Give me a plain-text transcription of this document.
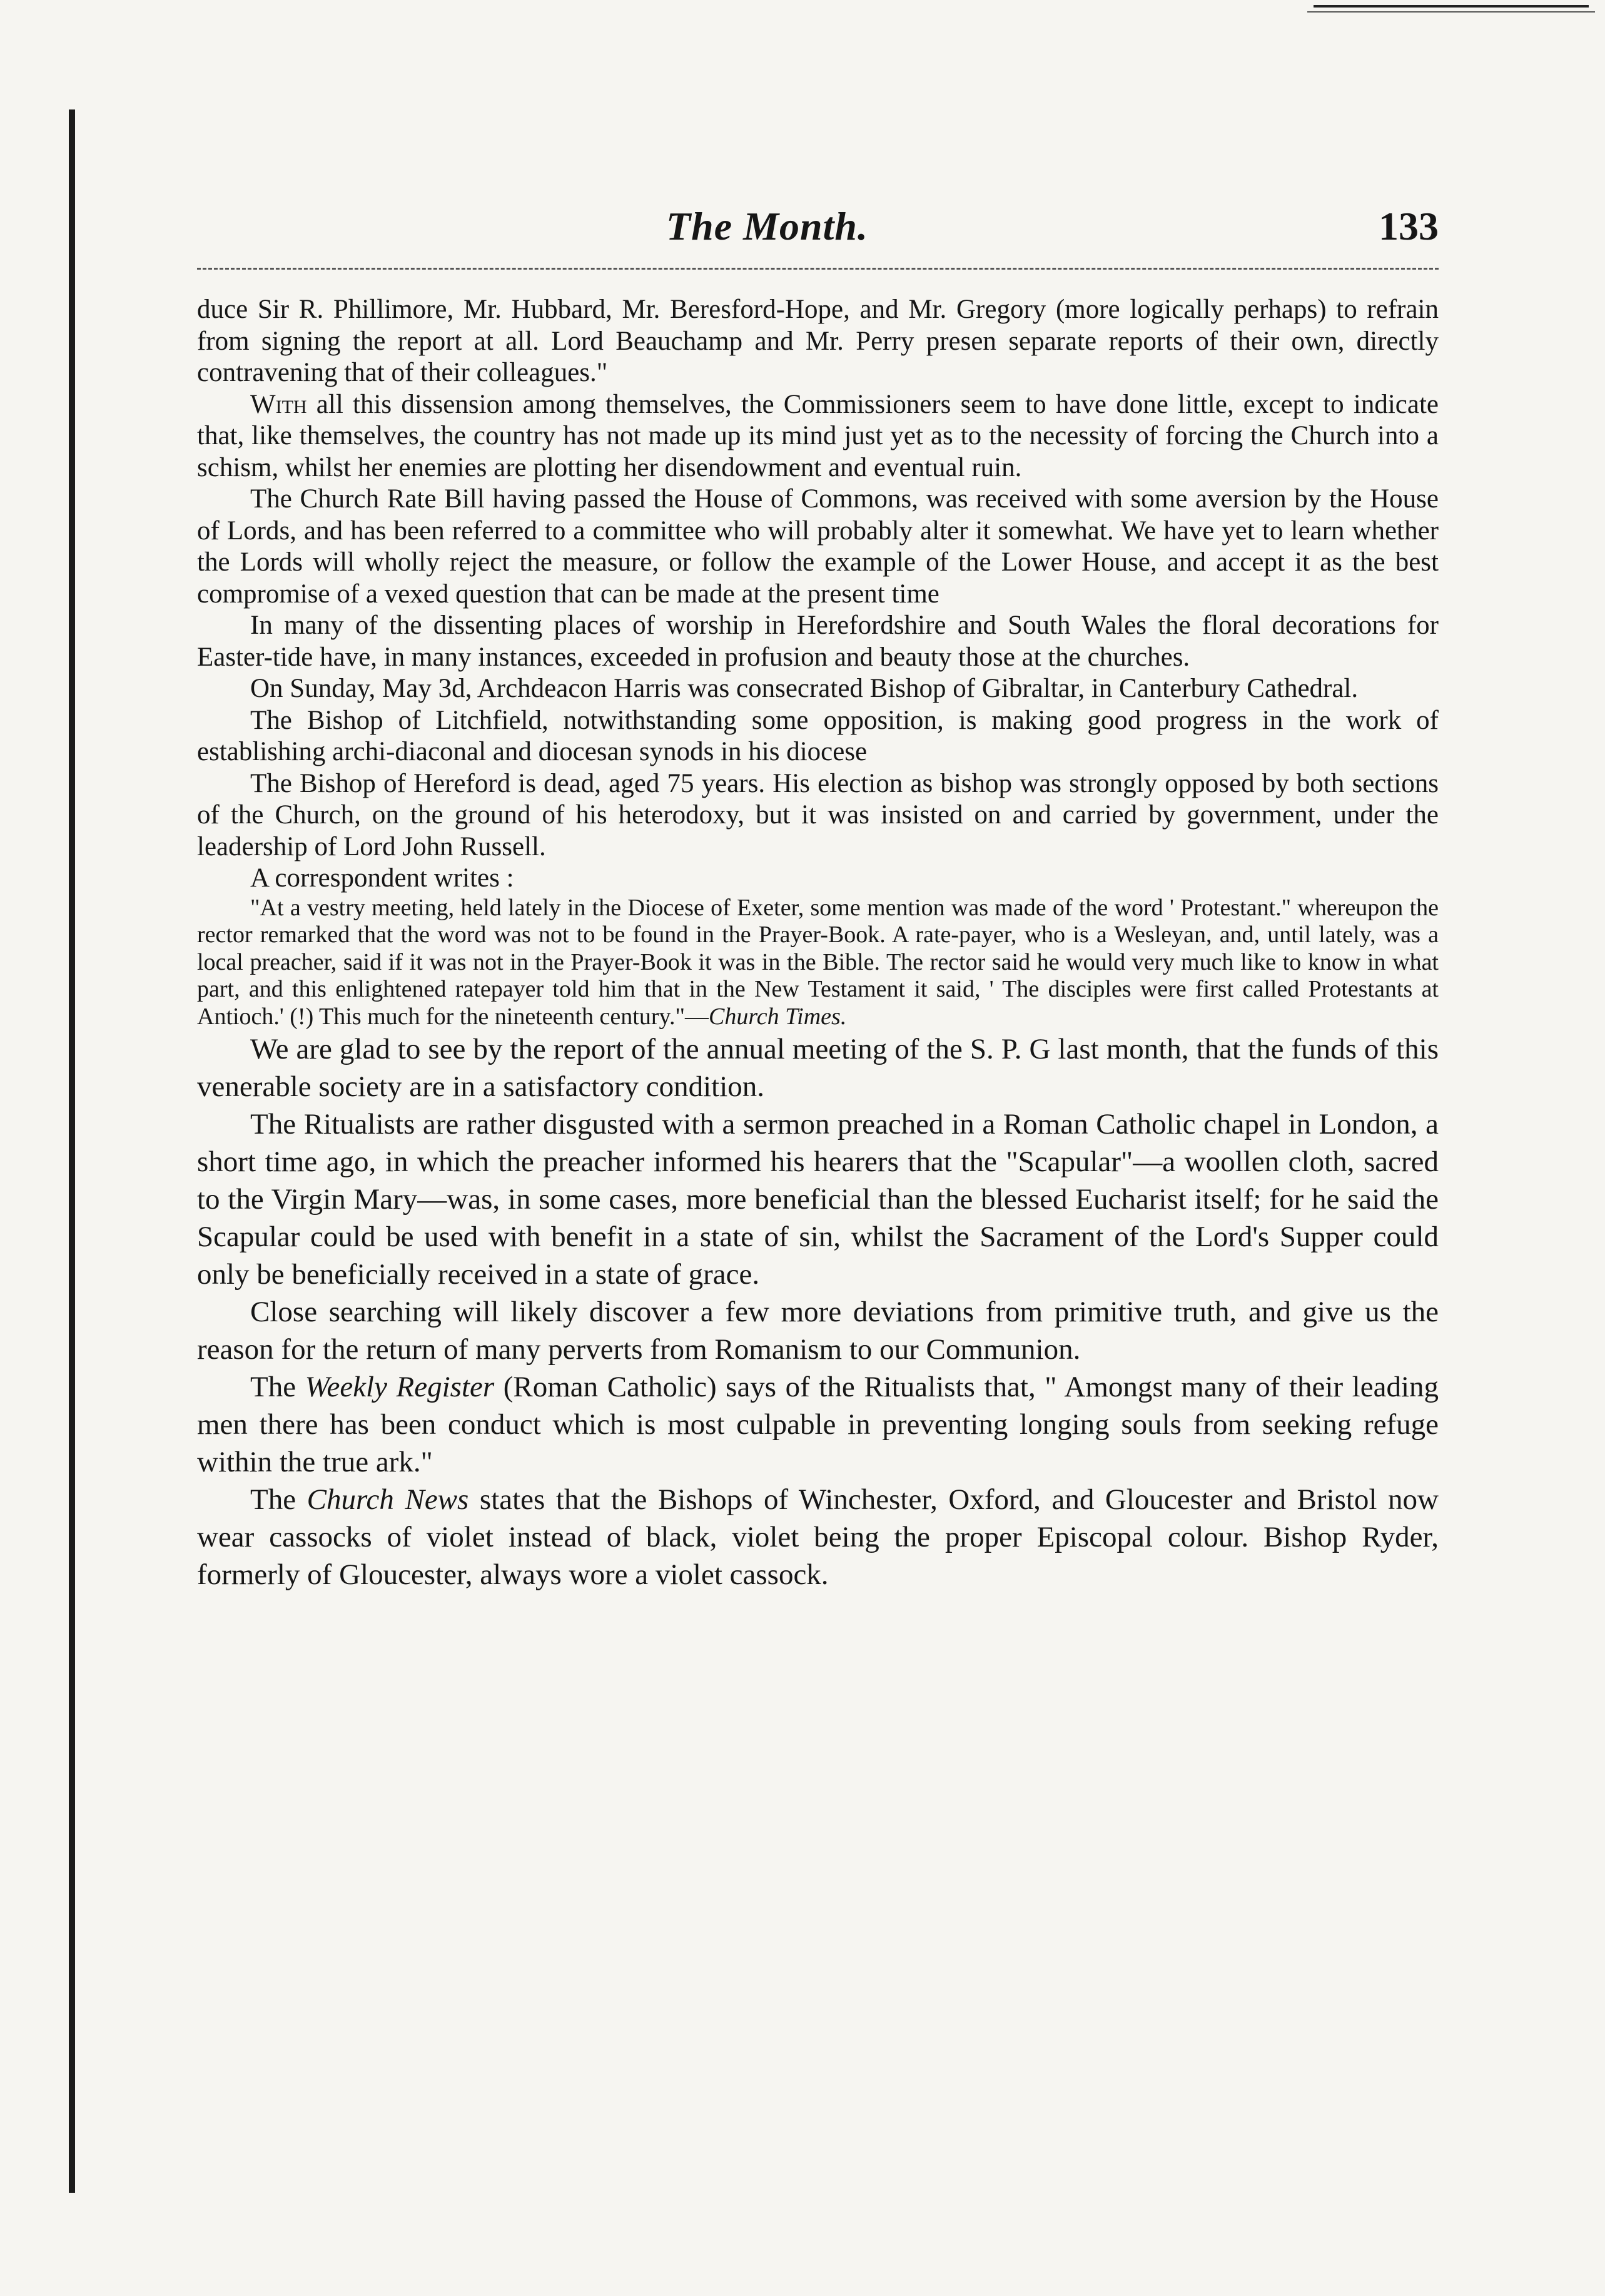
The Month.	133

duce Sir R. Phillimore, Mr. Hubbard, Mr. Beresford-Hope, and Mr. Gregory (more logically perhaps) to refrain from signing the report at all. Lord Beauchamp and Mr. Perry presen separate reports of their own, directly contravening that of their colleagues."

With all this dissension among themselves, the Commissioners seem to have done little, except to indicate that, like themselves, the country has not made up its mind just yet as to the necessity of forcing the Church into a schism, whilst her enemies are plotting her disendowment and eventual ruin.

The Church Rate Bill having passed the House of Commons, was received with some aversion by the House of Lords, and has been referred to a committee who will probably alter it somewhat. We have yet to learn whether the Lords will wholly reject the measure, or follow the example of the Lower House, and accept it as the best compromise of a vexed question that can be made at the present time

In many of the dissenting places of worship in Herefordshire and South Wales the floral decorations for Easter-tide have, in many instances, exceeded in profusion and beauty those at the churches.

On Sunday, May 3d, Archdeacon Harris was consecrated Bishop of Gibraltar, in Canterbury Cathedral.

The Bishop of Litchfield, notwithstanding some opposition, is making good progress in the work of establishing archi-diaconal and diocesan synods in his diocese

The Bishop of Hereford is dead, aged 75 years. His election as bishop was strongly opposed by both sections of the Church, on the ground of his heterodoxy, but it was insisted on and carried by government, under the leadership of Lord John Russell.

A correspondent writes :

"At a vestry meeting, held lately in the Diocese of Exeter, some mention was made of the word ' Protestant." whereupon the rector remarked that the word was not to be found in the Prayer-Book. A rate-payer, who is a Wesleyan, and, until lately, was a local preacher, said if it was not in the Prayer-Book it was in the Bible. The rector said he would very much like to know in what part, and this enlightened ratepayer told him that in the New Testament it said, ' The disciples were first called Protestants at Antioch.' (!) This much for the nineteenth century."—Church Times.

We are glad to see by the report of the annual meeting of the S. P. G last month, that the funds of this venerable society are in a satisfactory condition.

The Ritualists are rather disgusted with a sermon preached in a Roman Catholic chapel in London, a short time ago, in which the preacher informed his hearers that the "Scapular"—a woollen cloth, sacred to the Virgin Mary—was, in some cases, more beneficial than the blessed Eucharist itself; for he said the Scapular could be used with benefit in a state of sin, whilst the Sacrament of the Lord's Supper could only be beneficially received in a state of grace.

Close searching will likely discover a few more deviations from primitive truth, and give us the reason for the return of many perverts from Romanism to our Communion.

The Weekly Register (Roman Catholic) says of the Ritualists that, " Amongst many of their leading men there has been conduct which is most culpable in preventing longing souls from seeking refuge within the true ark."

The Church News states that the Bishops of Winchester, Oxford, and Gloucester and Bristol now wear cassocks of violet instead of black, violet being the proper Episcopal colour. Bishop Ryder, formerly of Gloucester, always wore a violet cassock.
